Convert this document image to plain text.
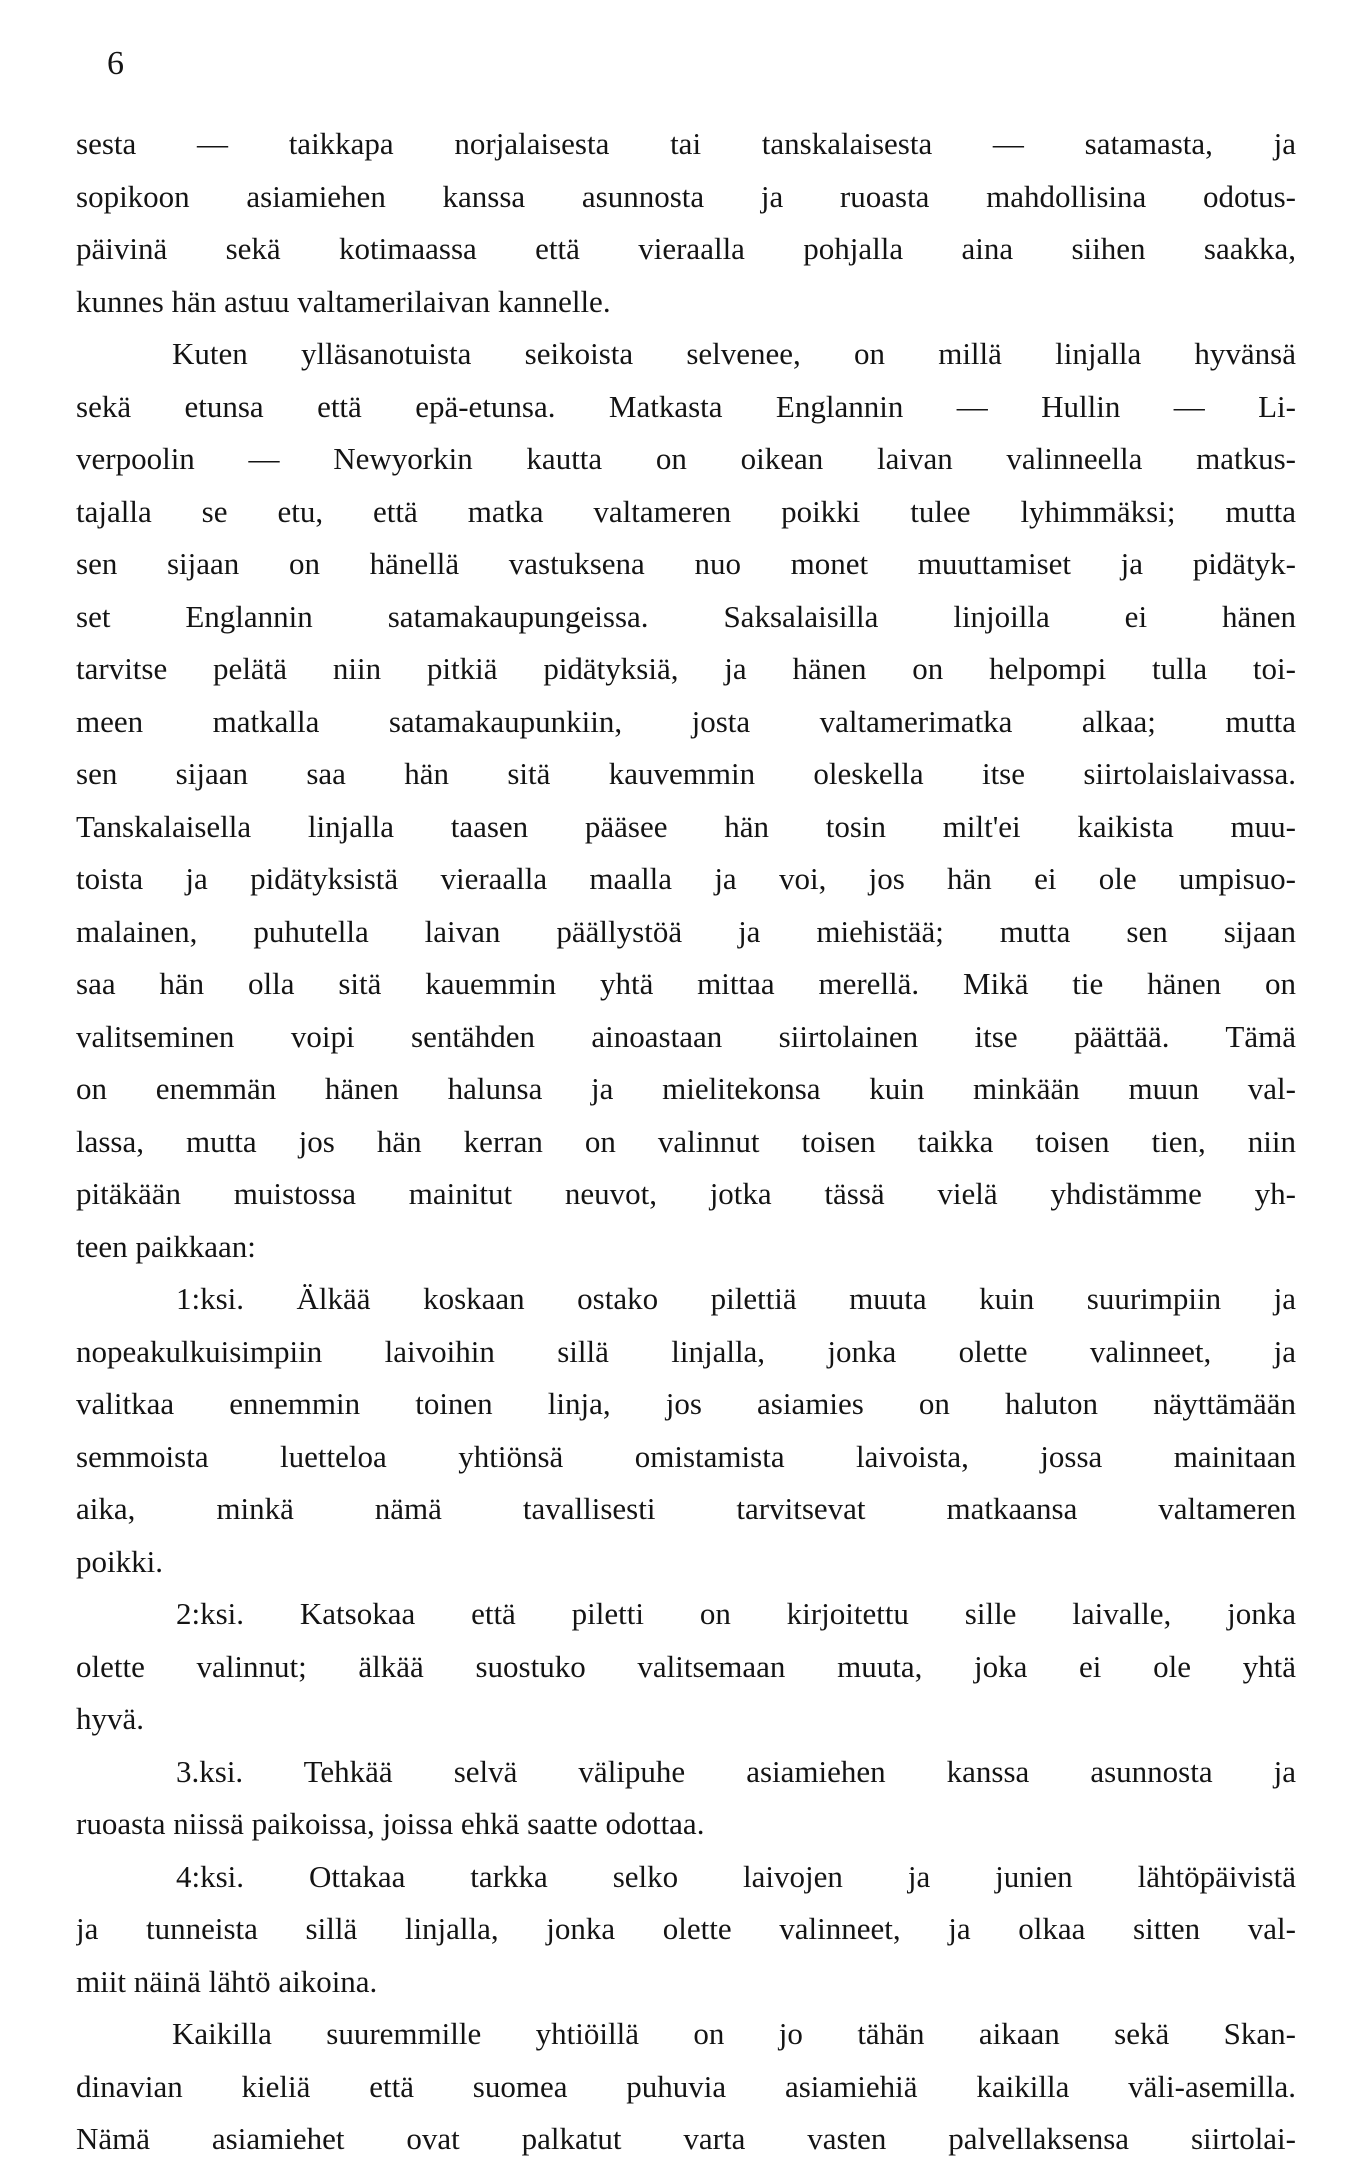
6
sesta — taikkapa norjalaisesta tai tanskalaisesta — satamasta, ja
sopikoon asiamiehen kanssa asunnosta ja ruoasta mahdollisina odotus-
päivinä sekä kotimaassa että vieraalla pohjalla aina siihen saakka,
kunnes hän astuu valtamerilaivan kannelle.
Kuten ylläsanotuista seikoista selvenee, on millä linjalla hyvänsä
sekä etunsa että epä-etunsa. Matkasta Englannin — Hullin — Li-
verpoolin — Newyorkin kautta on oikean laivan valinneella matkus-
tajalla se etu, että matka valtameren poikki tulee lyhimmäksi; mutta
sen sijaan on hänellä vastuksena nuo monet muuttamiset ja pidätyk-
set Englannin satamakaupungeissa. Saksalaisilla linjoilla ei hänen
tarvitse pelätä niin pitkiä pidätyksiä, ja hänen on helpompi tulla toi-
meen matkalla satamakaupunkiin, josta valtamerimatka alkaa; mutta
sen sijaan saa hän sitä kauvemmin oleskella itse siirtolaislaivassa.
Tanskalaisella linjalla taasen pääsee hän tosin milt'ei kaikista muu-
toista ja pidätyksistä vieraalla maalla ja voi, jos hän ei ole umpisuo-
malainen, puhutella laivan päällystöä ja miehistää; mutta sen sijaan
saa hän olla sitä kauemmin yhtä mittaa merellä. Mikä tie hänen on
valitseminen voipi sentähden ainoastaan siirtolainen itse päättää. Tämä
on enemmän hänen halunsa ja mielitekonsa kuin minkään muun val-
lassa, mutta jos hän kerran on valinnut toisen taikka toisen tien, niin
pitäkään muistossa mainitut neuvot, jotka tässä vielä yhdistämme yh-
teen paikkaan:
1:ksi. Älkää koskaan ostako pilettiä muuta kuin suurimpiin ja
nopeakulkuisimpiin laivoihin sillä linjalla, jonka olette valinneet, ja
valitkaa ennemmin toinen linja, jos asiamies on haluton näyttämään
semmoista luetteloa yhtiönsä omistamista laivoista, jossa mainitaan
aika, minkä nämä tavallisesti tarvitsevat matkaansa valtameren
poikki.
2:ksi. Katsokaa että piletti on kirjoitettu sille laivalle, jonka
olette valinnut; älkää suostuko valitsemaan muuta, joka ei ole yhtä
hyvä.
3.ksi. Tehkää selvä välipuhe asiamiehen kanssa asunnosta ja
ruoasta niissä paikoissa, joissa ehkä saatte odottaa.
4:ksi. Ottakaa tarkka selko laivojen ja junien lähtöpäivistä
ja tunneista sillä linjalla, jonka olette valinneet, ja olkaa sitten val-
miit näinä lähtö aikoina.
Kaikilla suuremmille yhtiöillä on jo tähän aikaan sekä Skan-
dinavian kieliä että suomea puhuvia asiamiehiä kaikilla väli-asemilla.
Nämä asiamiehet ovat palkatut varta vasten palvellaksensa siirtolai-
